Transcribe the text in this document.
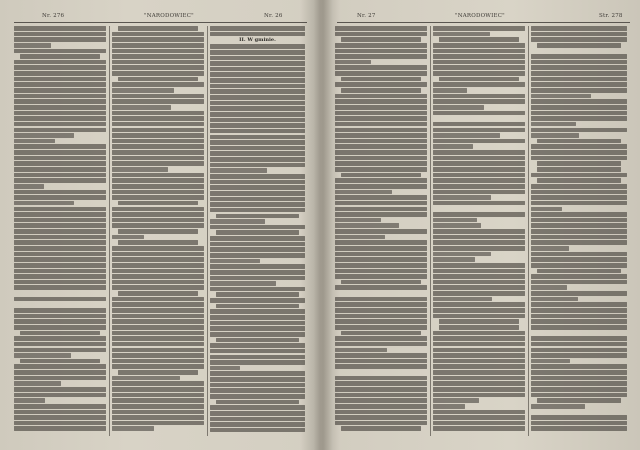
Nr. 276	"NARODOWIEC"	Nr. 26
II. W gminie.
Nr. 27	"NARODOWIEC"	Str. 278
